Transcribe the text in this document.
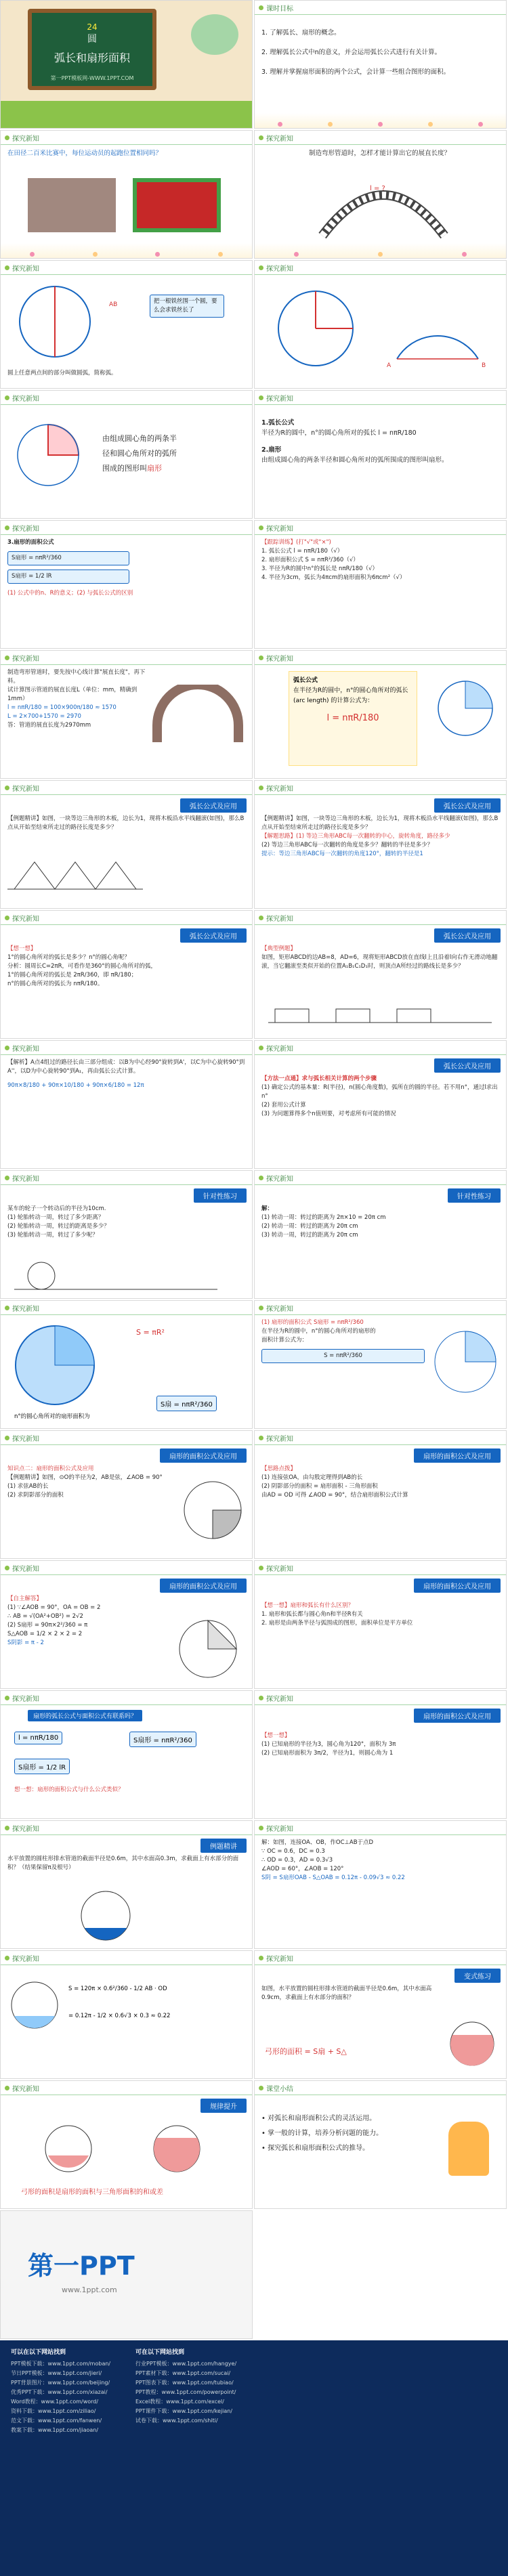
24
圆
弧长和扇形面积
第一PPT模板网-WWW.1PPT.COM
课时目标
1. 了解弧长、扇形的概念。
2. 理解弧长公式中n的意义，并会运用弧长公式进行有关计算。
3. 理解并掌握扇形面积的两个公式，会计算一些组合图形的面积。
探究新知
在田径二百米比赛中，每位运动员的起跑位置相同吗？
探究新知
制造弯形管道时，怎样才能计算出它的展直长度？
l = ?
探究新知
AB	把一根铁丝围一个圆，要么会求铁丝长了
圆上任意两点间的部分叫做圆弧，简称弧。
探究新知
A	B
探究新知
由组成圆心角的两条半
径和圆心角所对的弧所
围成的图形叫扇形
探究新知
1.弧长公式
半径为R的圆中，n°的圆心角所对的弧长 l = nπR/180
2.扇形
由组成圆心角的两条半径和圆心角所对的弧所围成的图形叫扇形。
探究新知
3.扇形的面积公式
S扇形 = nπR²/360
S扇形 = 1/2 lR
(1) 公式中的n、R的意义；(2) 与弧长公式的区别
探究新知
【跟踪训练】(打"√"或"×")
1. 弧长公式 l = nπR/180（√）
2. 扇形面积公式 S = nπR²/360（√）
3. 半径为R的圆中n°的弧长是 nπR/180（√）
4. 半径为3cm，弧长为4πcm的扇形面积为6πcm²（√）
探究新知
制造弯形管道时，要先按中心线计算"展直长度"，再下料。
试计算图示管道的展直长度L（单位：mm，精确到1mm）
l = nπR/180 = 100×900π/180 ≈ 1570
L = 2×700+1570 = 2970
答：管道的展直长度为2970mm
探究新知
弧长公式
在半径为R的圆中，n°的圆心角所对的弧长
(arc length) 的计算公式为：
l = nπR/180
探究新知
弧长公式及应用
【例题精讲】如图，一块等边三角形的木板，边长为1，现将木板沿水平线翻滚(如图)，那么B点从开始至结束所走过的路径长度是多少？
探究新知
弧长公式及应用
【例题精讲】如图，一块等边三角形的木板，边长为1，现将木板沿水平线翻滚(如图)，那么B点从开始至结束所走过的路径长度是多少？
【解题思路】(1) 等边三角形ABC每一次翻转的中心，旋转角度，路径多少
(2) 等边三角形ABC每一次翻转的角度是多少？翻转的半径是多少？
提示：等边三角形ABC每一次翻转的角度120°，翻转的半径是1
探究新知
弧长公式及应用
【想一想】
1°的圆心角所对的弧长是多少？n°的圆心角呢？
分析：圆周长C=2πR，可看作是360°的圆心角所对的弧，
1°的圆心角所对的弧长是 2πR/360，即 πR/180；
n°的圆心角所对的弧长为 nπR/180。
探究新知
弧长公式及应用
【典型例题】
如图，矩形ABCD的边AB=8，AD=6，现将矩形ABCD放在直线l上且沿着l向右作无滑动地翻滚，当它翻滚至类似开始的位置A₁B₁C₁D₁时，则顶点A所经过的路线长是多少？
探究新知
【解析】A点4组过的路径长由三部分组成：以B为中心经90°旋转到A'，以C为中心旋转90°到A''，以D为中心旋转90°到A₁，再由弧长公式计算。
90π×8/180 + 90π×10/180 + 90π×6/180 = 12π
探究新知
弧长公式及应用
【方法一点通】求与弧长相关计算的两个步骤
(1) 确定公式的基本量：R(半径)，n(圆心角度数)，弧所在的圆的半径。若不用n°，通过l求出n°
(2) 套用公式计算
(3) 为问题算得多个n值则要，对考虑所有可能的情况
探究新知
针对性练习
某车的轮子一个转动后的半径为10cm.
(1) 轮胎转动一周，转过了多少距离？
(2) 轮胎转动一周，转过的距离是多少？
(3) 轮胎转动一周，转过了多少呢？
探究新知
针对性练习
解：
(1) 转动一周：转过的距离为 2π×10 = 20π cm
(2) 转动一周：转过的距离为 20π cm
(3) 转动一周，转过的距离为 20π cm
探究新知
S = πR²
n°的圆心角所对的扇形面积为
S扇 = nπR²/360
探究新知
(1) 扇形的面积公式 S扇形 = nπR²/360
在半径为R的圆中，n°的圆心角所对的扇形的
面积计算公式为：
S = nπR²/360
探究新知
扇形的面积公式及应用
知识点二：扇形的面积公式及应用
【例题精讲】如图，⊙O的半径为2，AB是弦，∠AOB = 90°
(1) 求弦AB的长
(2) 求阴影部分的面积
探究新知
扇形的面积公式及应用
【思路点拨】
(1) 连接弦OA，由勾股定理得到AB的长
(2) 阴影部分的面积 = 扇形面积 - 三角形面积
由AD = OD 可得 ∠AOD = 90°，结合扇形面积公式计算
探究新知
扇形的面积公式及应用
【自主解答】
(1) ∵∠AOB = 90°，OA = OB = 2
∴ AB = √(OA²+OB²) = 2√2
(2) S扇形 = 90π×2²/360 = π
S△AOB = 1/2 × 2 × 2 = 2
S阴影 = π - 2
探究新知
扇形的面积公式及应用
【想一想】扇形和弧长有什么区别？
1. 扇形和弧长都与圆心角n和半径R有关
2. 扇形是由两条半径与弧围成的图形，面积单位是平方单位
探究新知
扇形的弧长公式与面积公式有联系吗？
l = nπR/180	S扇形 = nπR²/360
S扇形 = 1/2 lR
想一想：扇形的面积公式与什么公式类似？
探究新知
扇形的面积公式及应用
【想一想】
(1) 已知扇形的半径为3，圆心角为120°，面积为 3π
(2) 已知扇形面积为 3π/2，半径为1，则圆心角为 1
探究新知
例题精讲
水平放置的圆柱形排水管道的截面半径是0.6m，其中水面高0.3m，求截面上有水部分的面积？（结果保留π及根号）
探究新知
解：如图，连接OA、OB，作OC⊥AB于点D
∵ OC = 0.6，DC = 0.3
∴ OD = 0.3，AD = 0.3√3
∠AOD = 60°，∠AOB = 120°
S阴 = S扇形OAB - S△OAB = 0.12π - 0.09√3 ≈ 0.22
探究新知
S = 120π × 0.6²/360 - 1/2 AB · OD
= 0.12π - 1/2 × 0.6√3 × 0.3 ≈ 0.22
探究新知
变式练习
如图，水平放置的圆柱形排水管道的截面半径是0.6m，其中水面高0.9cm，求截面上有水部分的面积？
弓形的面积 = S扇 + S△
探究新知
规律提升
弓形的面积是扇形的面积与三角形面积的和或差
课堂小结
• 对弧长和扇形面积公式的灵活运用。
• 掌一般的计算，培养分析问题的能力。
• 探究弧长和扇形面积公式的推导。
第一PPT
www.1ppt.com
可以在以下网站找到
PPT模板下载：www.1ppt.com/moban/
节日PPT模板：www.1ppt.com/jieri/
PPT背景图片：www.1ppt.com/beijing/
优秀PPT下载：www.1ppt.com/xiazai/
Word教程：www.1ppt.com/word/
资料下载：www.1ppt.com/ziliao/
范文下载：www.1ppt.com/fanwen/
教案下载：www.1ppt.com/jiaoan/
可在以下网站找到
行业PPT模板：www.1ppt.com/hangye/
PPT素材下载：www.1ppt.com/sucai/
PPT图表下载：www.1ppt.com/tubiao/
PPT教程：www.1ppt.com/powerpoint/
Excel教程：www.1ppt.com/excel/
PPT课件下载：www.1ppt.com/kejian/
试卷下载：www.1ppt.com/shiti/
